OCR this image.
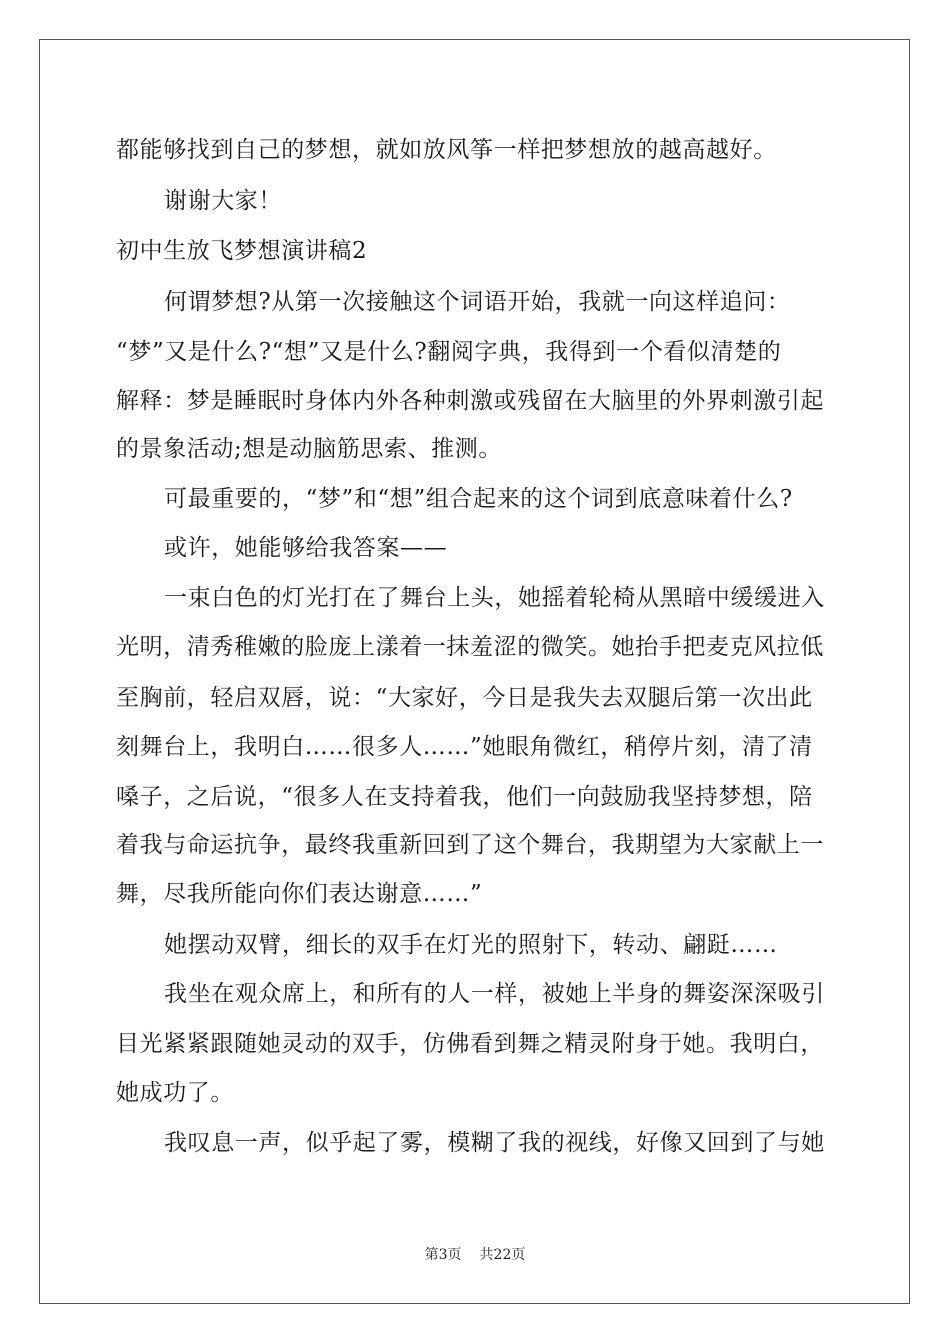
都能够找到自己的梦想，就如放风筝一样把梦想放的越高越好。
谢谢大家！
初中生放飞梦想演讲稿2
何谓梦想?从第一次接触这个词语开始，我就一向这样追问：
“梦”又是什么?“想”又是什么?翻阅字典，我得到一个看似清楚的
解释：梦是睡眠时身体内外各种刺激或残留在大脑里的外界刺激引起
的景象活动;想是动脑筋思索、推测。
可最重要的，“梦”和“想”组合起来的这个词到底意味着什么?
或许，她能够给我答案——
一束白色的灯光打在了舞台上头，她摇着轮椅从黑暗中缓缓进入
光明，清秀稚嫩的脸庞上漾着一抹羞涩的微笑。她抬手把麦克风拉低
至胸前，轻启双唇，说：“大家好，今日是我失去双腿后第一次出此
刻舞台上，我明白……很多人……”她眼角微红，稍停片刻，清了清
嗓子，之后说，“很多人在支持着我，他们一向鼓励我坚持梦想，陪
着我与命运抗争，最终我重新回到了这个舞台，我期望为大家献上一
舞，尽我所能向你们表达谢意……”
她摆动双臂，细长的双手在灯光的照射下，转动、翩跹……
我坐在观众席上，和所有的人一样，被她上半身的舞姿深深吸引
目光紧紧跟随她灵动的双手，仿佛看到舞之精灵附身于她。我明白，
她成功了。
我叹息一声，似乎起了雾，模糊了我的视线，好像又回到了与她
第3页 共22页
